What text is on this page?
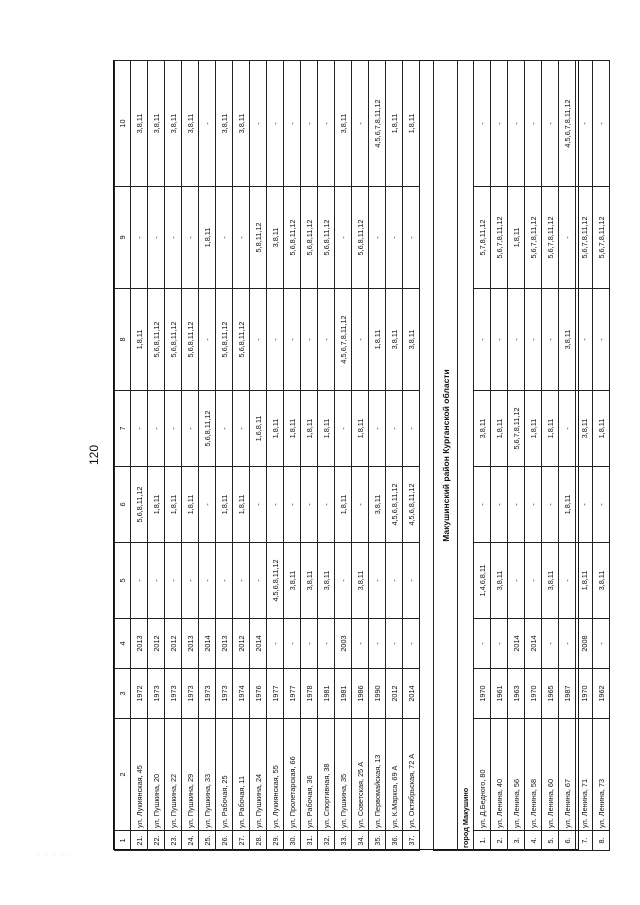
120
· · · · ·
1	2	3	4	5	6	7	8	9	10
21.	ул. Лукиянская, 45	1972	2013	-	5,6,8,11,12	-	1,8,11	-	3,8,11
22.	ул. Пушкина, 20	1973	2012	-	1,8,11	-	5,6,8,11,12	-	3,8,11
23.	ул. Пушкина, 22	1973	2012	-	1,8,11	-	5,6,8,11,12	-	3,8,11
24.	ул. Пушкина, 29	1973	2013	-	1,8,11	-	5,6,8,11,12	-	3,8,11
25.	ул. Пушкина, 33	1973	2014	-	-	5,6,8,11,12	-	1,8,11	-
26.	ул. Рабочая, 25	1973	2013	-	1,8,11	-	5,6,8,11,12	-	3,8,11
27.	ул. Рабочая, 11	1974	2012	-	1,8,11	-	5,6,8,11,12	-	3,8,11
28.	ул. Пушкина, 24	1976	2014	-	-	1,6,8,11	-	5,8,11,12	-
29.	ул. Лукиянская, 55	1977	-	4,5,6,8,11,12	-	1,8,11	-	3,8,11	-
30.	ул. Пролетарская, 66	1977	-	3,8,11	-	1,8,11	-	5,6,8,11,12	-
31.	ул. Рабочая, 36	1978	-	3,8,11	-	1,8,11	-	5,6,8,11,12	-
32.	ул. Спортивная, 38	1981	-	3,8,11	-	1,8,11	-	5,6,8,11,12	-
33.	ул. Пушкина, 35	1981	2003	-	1,8,11	-	4,5,6,7,8,11,12	-	3,8,11
34.	ул. Советская, 25 А	1986	-	3,8,11	-	1,8,11	-	5,6,8,11,12	-
35.	ул. Первомайская, 13	1990	-	-	3,8,11	-	1,8,11	-	4,5,6,7,8,11,12
36.	ул. К.Маркса, 69 А	2012	-	-	4,5,6,8,11,12	-	3,8,11	-	1,8,11
37.	ул. Октябрьская, 72 А	2014	-	-	4,5,6,8,11,12	-	3,8,11	-	1,8,11

Макушинский район Курганской области									
город Макушино									
1.	ул. Д.Бедного, 80	1970	-	1,4,6,8,11	-	3,8,11	-	5,7,8,11,12	-
2.	ул. Ленина, 40	1961	-	3,8,11	-	1,8,11	-	5,6,7,8,11,12	-
3.	ул. Ленина, 56	1963	2014	-	-	5,6,7,8,11,12	-	1,8,11	-
4.	ул. Ленина, 58	1970	2014	-	-	1,8,11	-	5,6,7,8,11,12	-
5.	ул. Ленина, 60	1965	-	3,8,11	-	1,8,11	-	5,6,7,8,11,12	-
6.	ул. Ленина, 67	1987	-	-	1,8,11	-	3,8,11	-	4,5,6,7,8,11,12
7.	ул. Ленина, 71	1970	2008	1,8,11	-	3,8,11	-	5,6,7,8,11,12	-
8.	ул. Ленина, 73	1962	-	3,8,11	-	1,8,11	-	5,6,7,8,11,12	-
